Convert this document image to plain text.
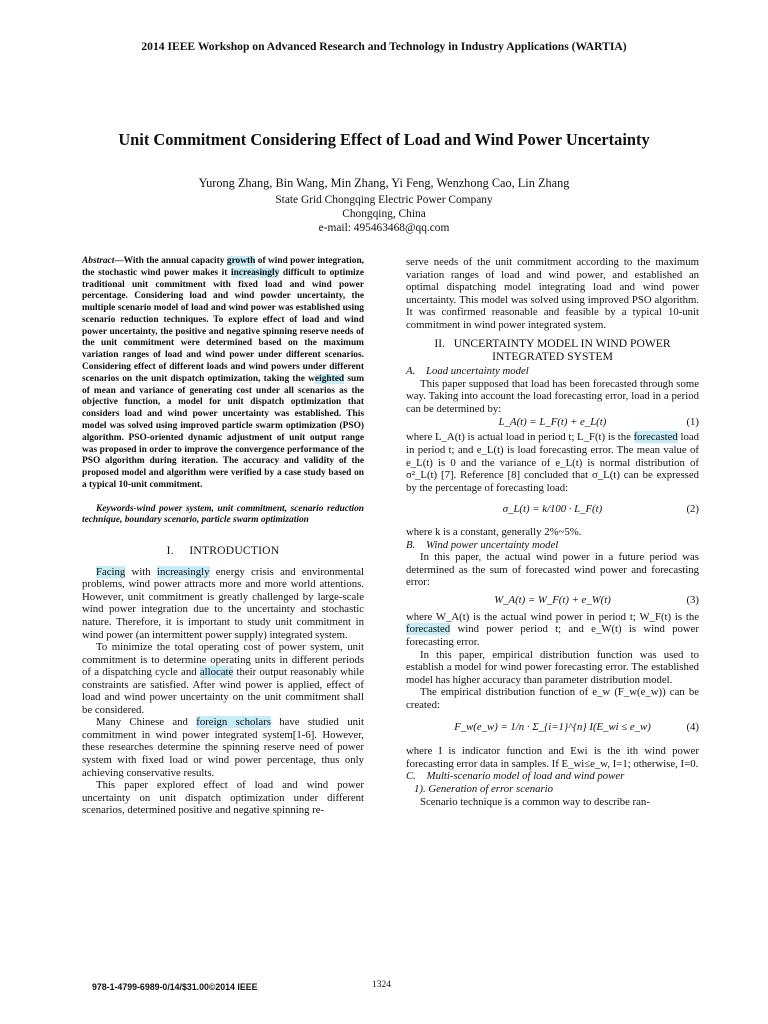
2014 IEEE Workshop on Advanced Research and Technology in Industry Applications (WARTIA)
Unit Commitment Considering Effect of Load and Wind Power Uncertainty
Yurong Zhang, Bin Wang, Min Zhang, Yi Feng, Wenzhong Cao, Lin Zhang
State Grid Chongqing Electric Power Company
Chongqing, China
e-mail: 495463468@qq.com

Abstract—With the annual capacity growth of wind power integration, the stochastic wind power makes it increasingly difficult to optimize traditional unit commitment with fixed load and wind power percentage. Considering load and wind powder uncertainty, the multiple scenario model of load and wind power was established using scenario reduction techniques. To explore effect of load and wind power uncertainty, the positive and negative spinning reserve needs of the unit commitment were determined based on the maximum variation ranges of load and wind power under different scenarios. Considering effect of different loads and wind powers under different scenarios on the unit dispatch optimization, taking the weighted sum of mean and variance of generating cost under all scenarios as the objective function, a model for unit dispatch optimization that considers load and wind power uncertainty was established. This model was solved using improved particle swarm optimization (PSO) algorithm. PSO-oriented dynamic adjustment of unit output range was proposed in order to improve the convergence performance of the PSO algorithm during iteration. The accuracy and validity of the proposed model and algorithm were verified by a case study based on a typical 10-unit commitment.

Keywords-wind power system, unit commitment, scenario reduction technique, boundary scenario, particle swarm optimization

I.     INTRODUCTION

Facing with increasingly energy crisis and environmental problems, wind power attracts more and more world attentions. However, unit commitment is greatly challenged by large-scale wind power integration due to the uncertainty and stochastic nature. Therefore, it is important to study unit commitment in wind power (an intermittent power supply) integrated system.

To minimize the total operating cost of power system, unit commitment is to determine operating units in different periods of a dispatching cycle and allocate their output reasonably while constraints are satisfied. After wind power is applied, effect of load and wind power uncertainty on the unit commitment shall be considered.

Many Chinese and foreign scholars have studied unit commitment in wind power integrated system[1-6]. However, these researches determine the spinning reserve need of power system with fixed load or wind power percentage, thus only achieving conservative results.

This paper explored effect of load and wind power uncertainty on unit dispatch optimization under different scenarios, determined positive and negative spinning re-

serve needs of the unit commitment according to the maximum variation ranges of load and wind power, and established an optimal dispatching model integrating load and wind power uncertainty. This model was solved using improved PSO algorithm. It was confirmed reasonable and feasible by a typical 10-unit commitment in wind power integrated system.

II.   UNCERTAINTY MODEL IN WIND POWER INTEGRATED SYSTEM

A.    Load uncertainty model

This paper supposed that load has been forecasted through some way. Taking into account the load forecasting error, load in a period can be determined by:

L_A(t) = L_F(t) + e_L(t)	(1)

where L_A(t) is actual load in period t; L_F(t) is the forecasted load in period t; and e_L(t) is load forecasting error. The mean value of e_L(t) is 0 and the variance of e_L(t) is normal distribution of σ²_L(t) [7]. Reference [8] concluded that σ_L(t) can be expressed by the percentage of forecasting load:

σ_L(t) = k/100 · L_F(t)	(2)

where k is a constant, generally 2%~5%.

B.    Wind power uncertainty model

In this paper, the actual wind power in a future period was determined as the sum of forecasted wind power and forecasting error:

W_A(t) = W_F(t) + e_W(t)	(3)

where W_A(t) is the actual wind power in period t; W_F(t) is the forecasted wind power period t; and e_W(t) is wind power forecasting error.

In this paper, empirical distribution function was used to establish a model for wind power forecasting error. The established model has higher accuracy than parameter distribution model.

The empirical distribution function of e_w (F_w(e_w)) can be created:

F_w(e_w) = 1/n · Σ_{i=1}^{n} I(E_wi ≤ e_w)	(4)

where I is indicator function and Ewi is the ith wind power forecasting error data in samples. If E_wi≤e_w, I=1; otherwise, I=0.

C.    Multi-scenario model of load and wind power

1). Generation of error scenario

Scenario technique is a common way to describe ran-

978-1-4799-6989-0/14/$31.00©2014 IEEE	1324
